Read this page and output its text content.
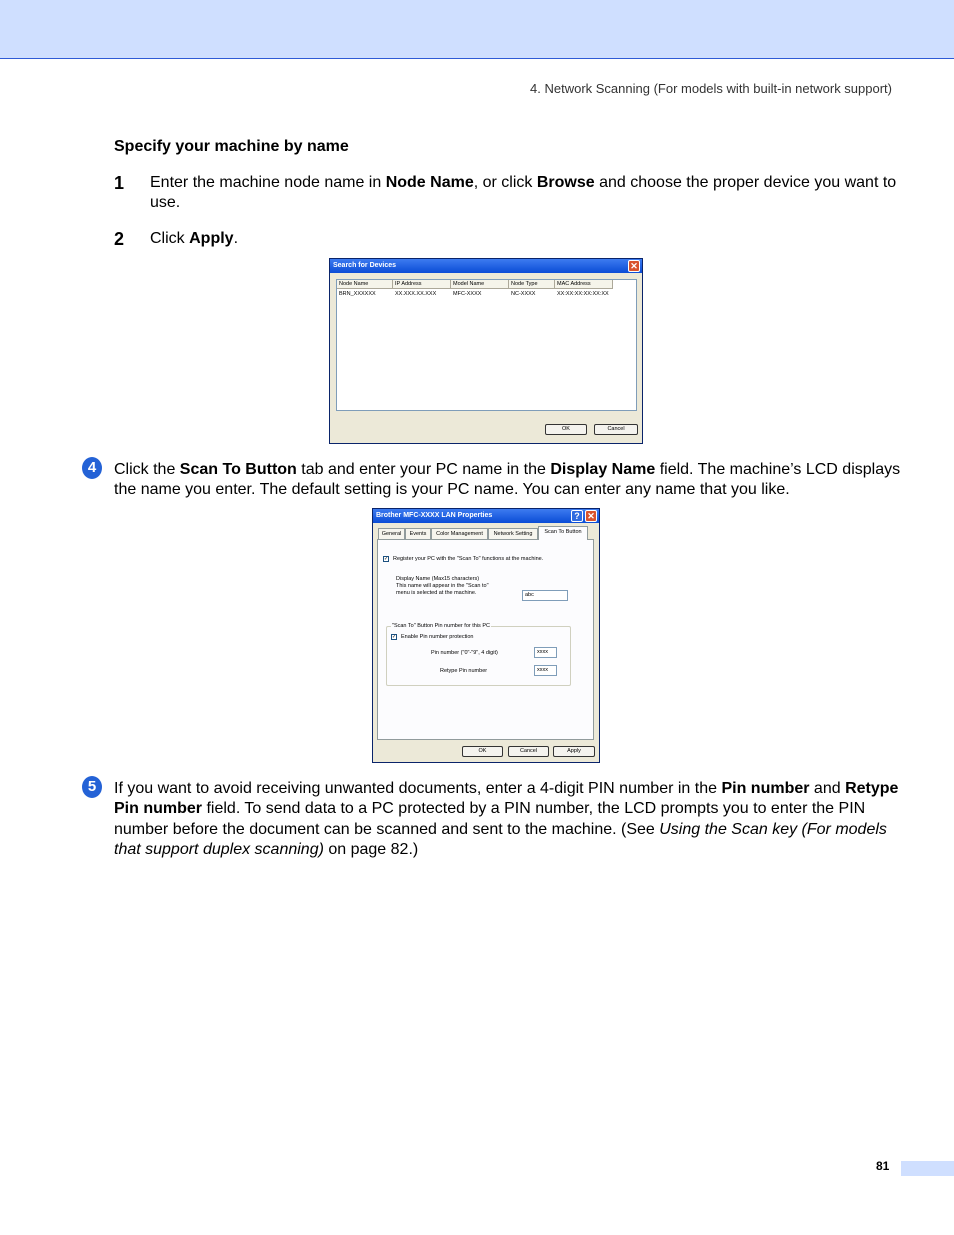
4. Network Scanning (For models with built-in network support)
Specify your machine by name
1 Enter the machine node name in Node Name, or click Browse and choose the proper device you want to use.
2 Click Apply.
Search for Devices	✕
Node Name	IP Address	Model Name	Node Type	MAC Address
BRN_XXXXXX	XX.XXX.XX.XXX	MFC-XXXX	NC-XXXX	XX:XX:XX:XX:XX:XX
OK	Cancel
4	Click the Scan To Button tab and enter your PC name in the Display Name field. The machine’s LCD displays the name you enter. The default setting is your PC name. You can enter any name that you like.
Brother MFC-XXXX LAN Properties	? ✕
General	Events	Color Management	Network Setting	Scan To Button
✓ Register your PC with the "Scan To" functions at the machine.
Display Name (Max15 characters)
This name will appear in the "Scan to"
menu is selected at the machine.	abc
"Scan To" Button Pin number for this PC
✓ Enable Pin number protection
Pin number ("0"-"9", 4 digit)	xxxx
Retype Pin number	xxxx
OK	Cancel	Apply
5	If you want to avoid receiving unwanted documents, enter a 4-digit PIN number in the Pin number and Retype Pin number field. To send data to a PC protected by a PIN number, the LCD prompts you to enter the PIN number before the document can be scanned and sent to the machine. (See Using the Scan key (For models that support duplex scanning) on page 82.)
81
